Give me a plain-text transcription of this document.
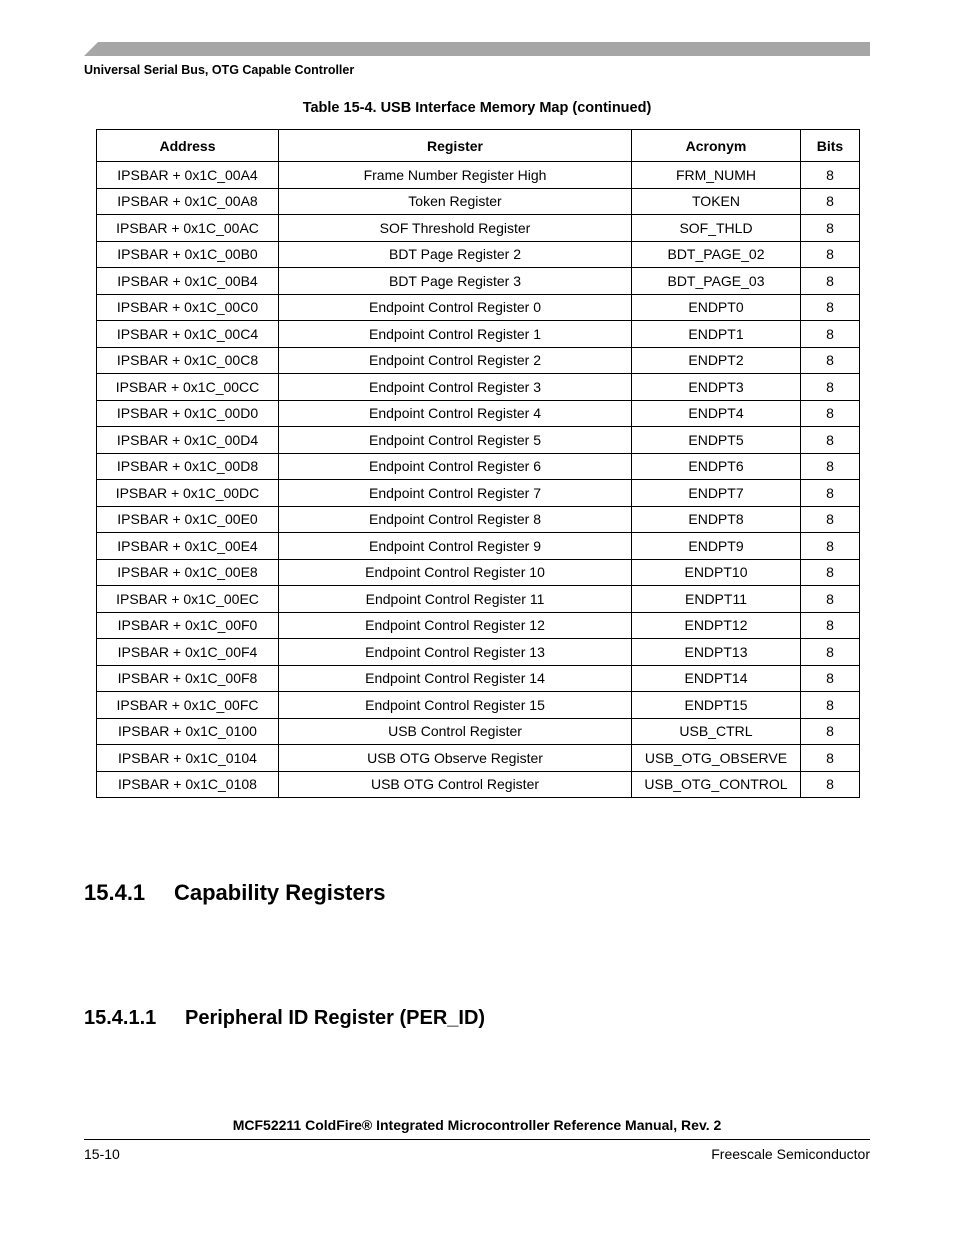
Universal Serial Bus, OTG Capable Controller
Table 15-4. USB Interface Memory Map (continued)
Address	Register	Acronym	Bits
IPSBAR + 0x1C_00A4	Frame Number Register High	FRM_NUMH	8
IPSBAR + 0x1C_00A8	Token Register	TOKEN	8
IPSBAR + 0x1C_00AC	SOF Threshold Register	SOF_THLD	8
IPSBAR + 0x1C_00B0	BDT Page Register 2	BDT_PAGE_02	8
IPSBAR + 0x1C_00B4	BDT Page Register 3	BDT_PAGE_03	8
IPSBAR + 0x1C_00C0	Endpoint Control Register 0	ENDPT0	8
IPSBAR + 0x1C_00C4	Endpoint Control Register 1	ENDPT1	8
IPSBAR + 0x1C_00C8	Endpoint Control Register 2	ENDPT2	8
IPSBAR + 0x1C_00CC	Endpoint Control Register 3	ENDPT3	8
IPSBAR + 0x1C_00D0	Endpoint Control Register 4	ENDPT4	8
IPSBAR + 0x1C_00D4	Endpoint Control Register 5	ENDPT5	8
IPSBAR + 0x1C_00D8	Endpoint Control Register 6	ENDPT6	8
IPSBAR + 0x1C_00DC	Endpoint Control Register 7	ENDPT7	8
IPSBAR + 0x1C_00E0	Endpoint Control Register 8	ENDPT8	8
IPSBAR + 0x1C_00E4	Endpoint Control Register 9	ENDPT9	8
IPSBAR + 0x1C_00E8	Endpoint Control Register 10	ENDPT10	8
IPSBAR + 0x1C_00EC	Endpoint Control Register 11	ENDPT11	8
IPSBAR + 0x1C_00F0	Endpoint Control Register 12	ENDPT12	8
IPSBAR + 0x1C_00F4	Endpoint Control Register 13	ENDPT13	8
IPSBAR + 0x1C_00F8	Endpoint Control Register 14	ENDPT14	8
IPSBAR + 0x1C_00FC	Endpoint Control Register 15	ENDPT15	8
IPSBAR + 0x1C_0100	USB Control Register	USB_CTRL	8
IPSBAR + 0x1C_0104	USB OTG Observe Register	USB_OTG_OBSERVE	8
IPSBAR + 0x1C_0108	USB OTG Control Register	USB_OTG_CONTROL	8
15.4.1 Capability Registers
15.4.1.1 Peripheral ID Register (PER_ID)
MCF52211 ColdFire® Integrated Microcontroller Reference Manual, Rev. 2
15-10	Freescale Semiconductor
